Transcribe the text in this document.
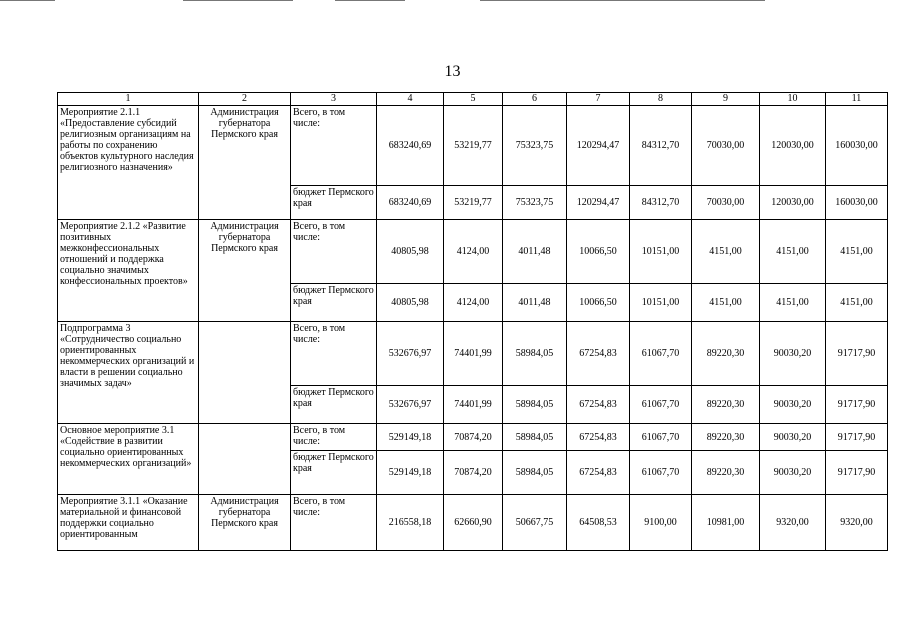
13
1	2	3	4	5	6	7	8	9	10	11
Мероприятие 2.1.1 «Предоставление субсидий религиозным организациям на работы по сохранению объектов культурного наследия религиозного назначения»	Администрация губернатора Пермского края	Всего, в том числе:	683240,69	53219,77	75323,75	120294,47	84312,70	70030,00	120030,00	160030,00
		бюджет Пермского края	683240,69	53219,77	75323,75	120294,47	84312,70	70030,00	120030,00	160030,00
Мероприятие 2.1.2 «Развитие позитивных межконфессиональных отношений и поддержка социально значимых конфессиональных проектов»	Администрация губернатора Пермского края	Всего, в том числе:	40805,98	4124,00	4011,48	10066,50	10151,00	4151,00	4151,00	4151,00
		бюджет Пермского края	40805,98	4124,00	4011,48	10066,50	10151,00	4151,00	4151,00	4151,00
Подпрограмма 3 «Сотрудничество социально ориентированных некоммерческих организаций и власти в решении социально значимых задач»		Всего, в том числе:	532676,97	74401,99	58984,05	67254,83	61067,70	89220,30	90030,20	91717,90
		бюджет Пермского края	532676,97	74401,99	58984,05	67254,83	61067,70	89220,30	90030,20	91717,90
Основное мероприятие 3.1 «Содействие в развитии социально ориентированных некоммерческих организаций»		Всего, в том числе:	529149,18	70874,20	58984,05	67254,83	61067,70	89220,30	90030,20	91717,90
		бюджет Пермского края	529149,18	70874,20	58984,05	67254,83	61067,70	89220,30	90030,20	91717,90
Мероприятие 3.1.1 «Оказание материальной и финансовой поддержки социально ориентированным	Администрация губернатора Пермского края	Всего, в том числе:	216558,18	62660,90	50667,75	64508,53	9100,00	10981,00	9320,00	9320,00
